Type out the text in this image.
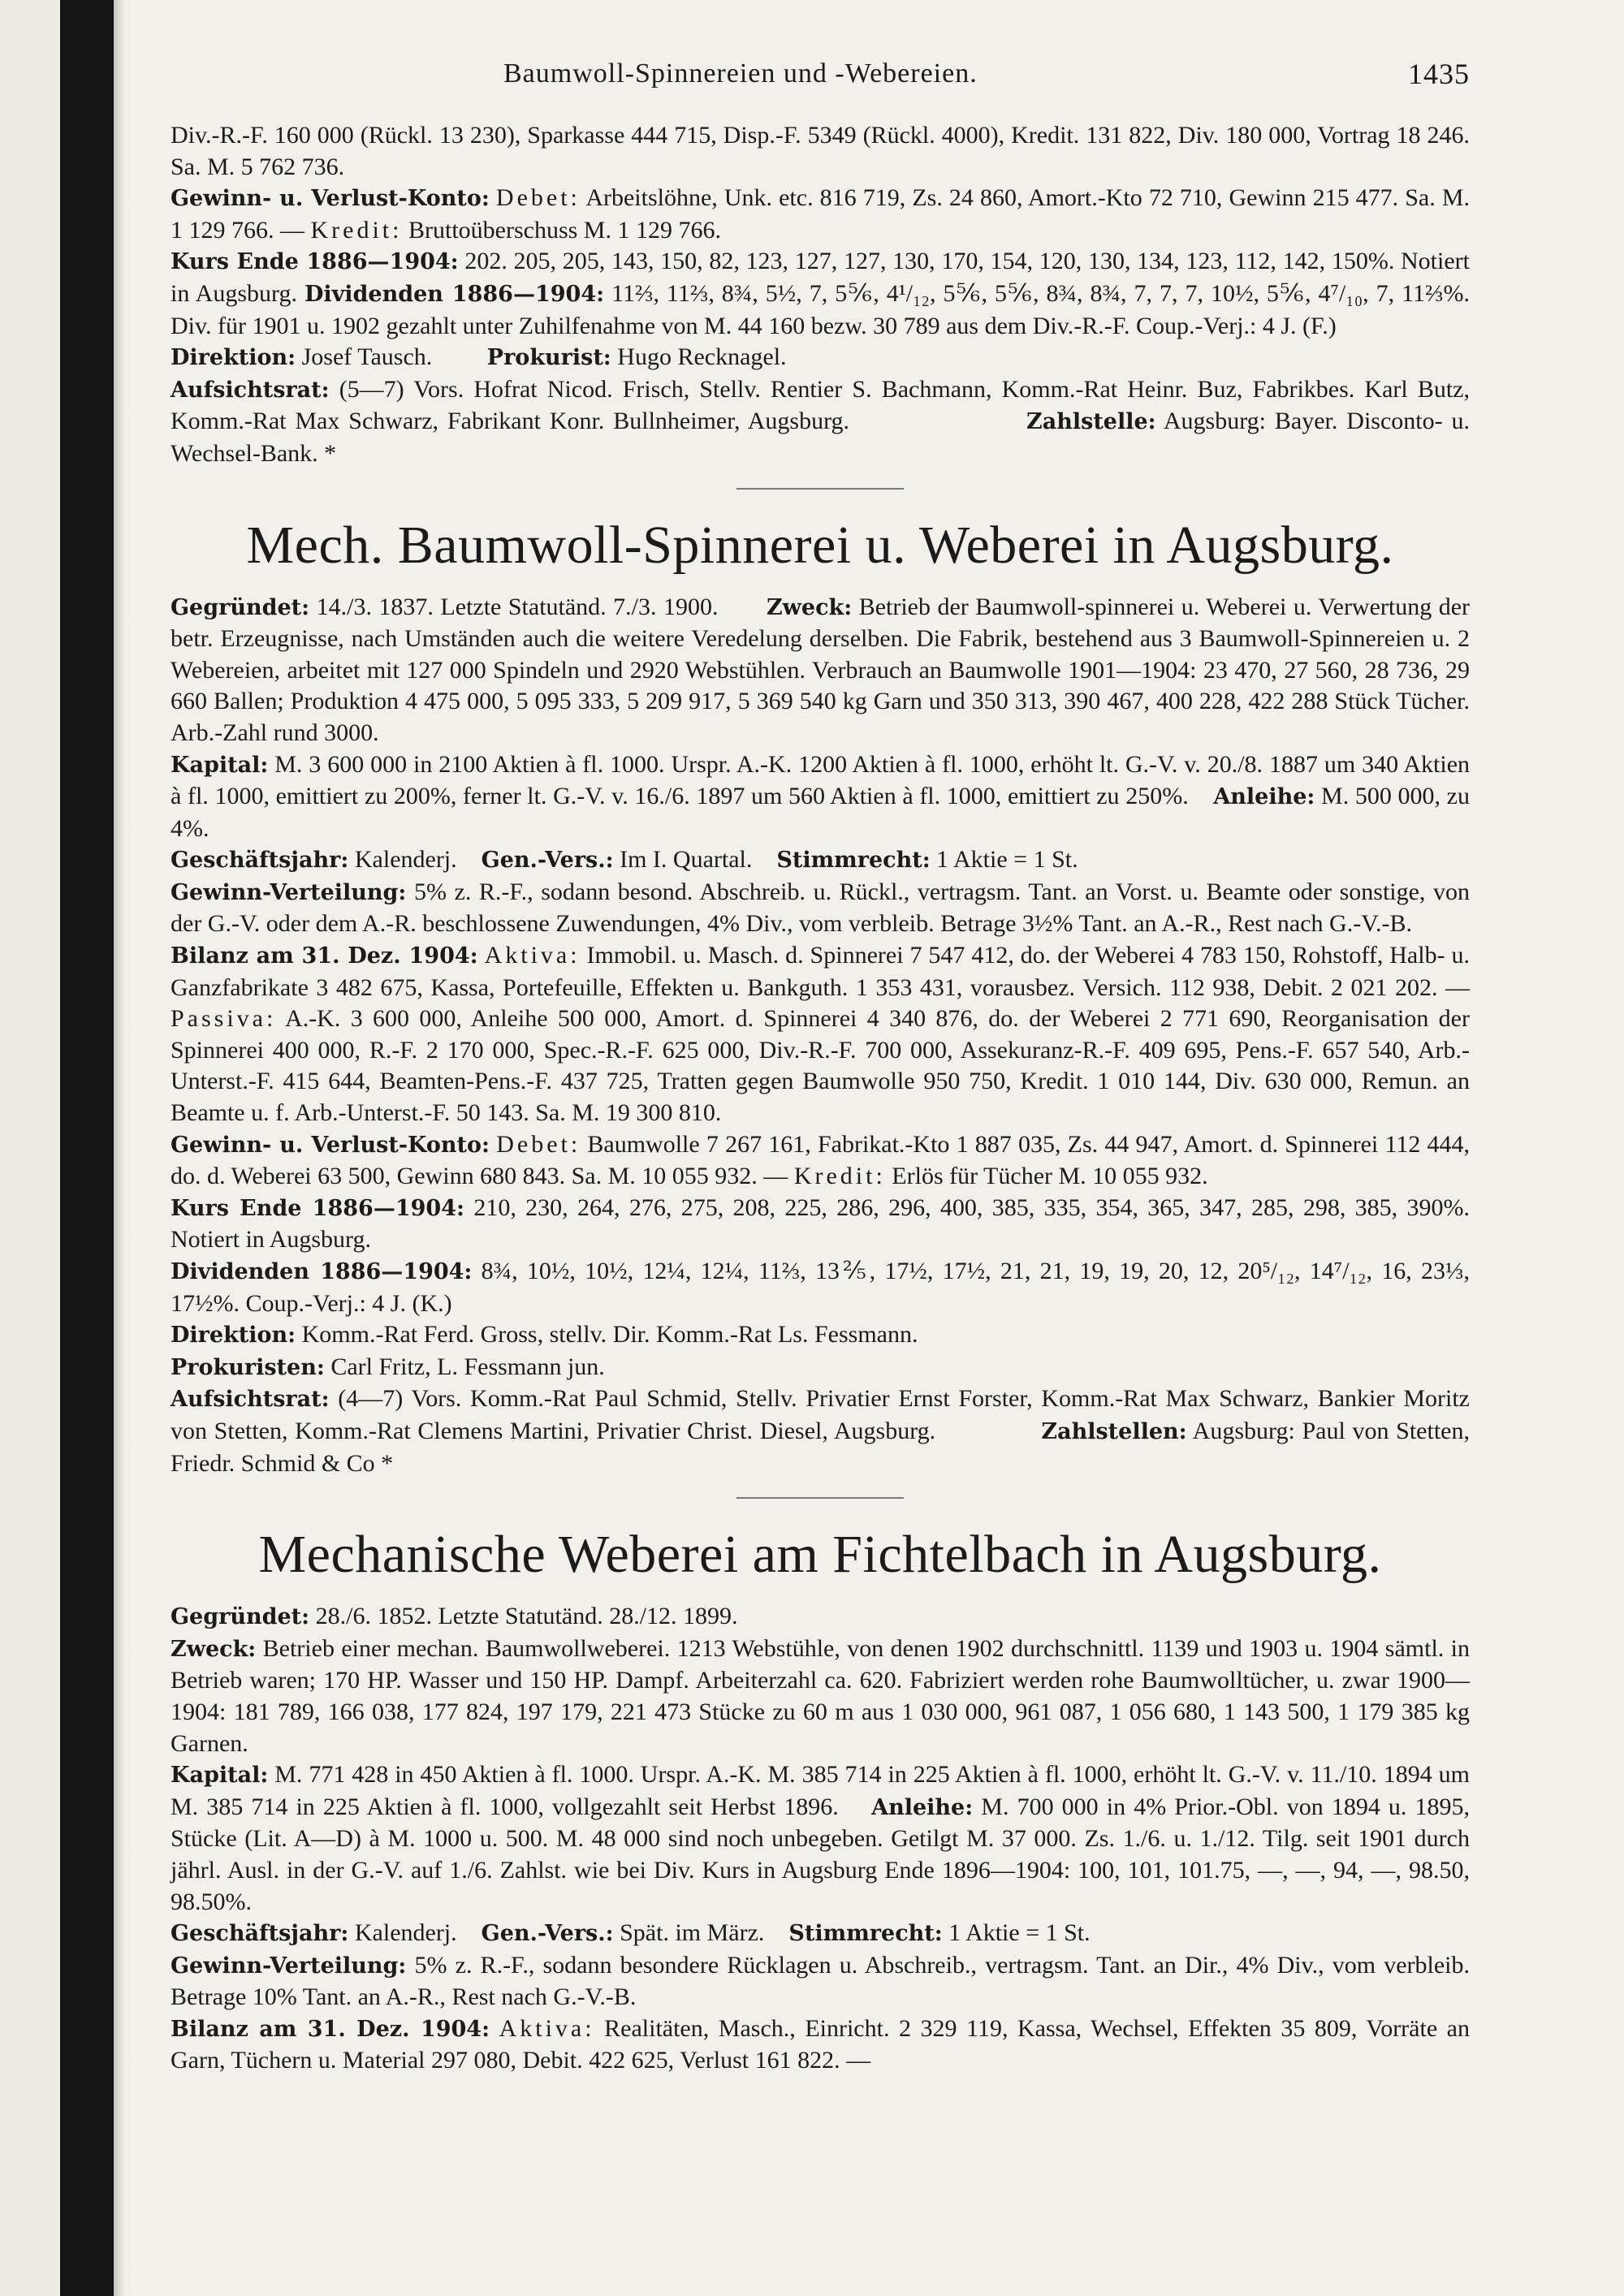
Baumwoll-Spinnereien und -Webereien.	1435

Div.-R.-F. 160 000 (Rückl. 13 230), Sparkasse 444 715, Disp.-F. 5349 (Rückl. 4000), Kredit. 131 822, Div. 180 000, Vortrag 18 246. Sa. M. 5 762 736.

Gewinn- u. Verlust-Konto: Debet: Arbeitslöhne, Unk. etc. 816 719, Zs. 24 860, Amort.-Kto 72 710, Gewinn 215 477. Sa. M. 1 129 766. — Kredit: Bruttoüberschuss M. 1 129 766.

Kurs Ende 1886—1904: 202. 205, 205, 143, 150, 82, 123, 127, 127, 130, 170, 154, 120, 130, 134, 123, 112, 142, 150%. Notiert in Augsburg. Dividenden 1886—1904: 11⅔, 11⅔, 8¾, 5½, 7, 5⅚, 4¹/₁₂, 5⅚, 5⅚, 8¾, 8¾, 7, 7, 7, 10½, 5⅚, 4⁷/₁₀, 7, 11⅔%. Div. für 1901 u. 1902 gezahlt unter Zuhilfenahme von M. 44 160 bezw. 30 789 aus dem Div.-R.-F. Coup.-Verj.: 4 J. (F.)

Direktion: Josef Tausch.	Prokurist: Hugo Recknagel.

Aufsichtsrat: (5—7) Vors. Hofrat Nicod. Frisch, Stellv. Rentier S. Bachmann, Komm.-Rat Heinr. Buz, Fabrikbes. Karl Butz, Komm.-Rat Max Schwarz, Fabrikant Konr. Bullnheimer, Augsburg.	Zahlstelle: Augsburg: Bayer. Disconto- u. Wechsel-Bank. *

Mech. Baumwoll-Spinnerei u. Weberei in Augsburg.

Gegründet: 14./3. 1837. Letzte Statutänd. 7./3. 1900. Zweck: Betrieb der Baumwoll-spinnerei u. Weberei u. Verwertung der betr. Erzeugnisse, nach Umständen auch die weitere Veredelung derselben. Die Fabrik, bestehend aus 3 Baumwoll-Spinnereien u. 2 Webereien, arbeitet mit 127 000 Spindeln und 2920 Webstühlen. Verbrauch an Baumwolle 1901—1904: 23 470, 27 560, 28 736, 29 660 Ballen; Produktion 4 475 000, 5 095 333, 5 209 917, 5 369 540 kg Garn und 350 313, 390 467, 400 228, 422 288 Stück Tücher. Arb.-Zahl rund 3000.

Kapital: M. 3 600 000 in 2100 Aktien à fl. 1000. Urspr. A.-K. 1200 Aktien à fl. 1000, erhöht lt. G.-V. v. 20./8. 1887 um 340 Aktien à fl. 1000, emittiert zu 200%, ferner lt. G.-V. v. 16./6. 1897 um 560 Aktien à fl. 1000, emittiert zu 250%. Anleihe: M. 500 000, zu 4%.

Geschäftsjahr: Kalenderj. Gen.-Vers.: Im I. Quartal. Stimmrecht: 1 Aktie = 1 St.

Gewinn-Verteilung: 5% z. R.-F., sodann besond. Abschreib. u. Rückl., vertragsm. Tant. an Vorst. u. Beamte oder sonstige, von der G.-V. oder dem A.-R. beschlossene Zuwendungen, 4% Div., vom verbleib. Betrage 3½% Tant. an A.-R., Rest nach G.-V.-B.

Bilanz am 31. Dez. 1904: Aktiva: Immobil. u. Masch. d. Spinnerei 7 547 412, do. der Weberei 4 783 150, Rohstoff, Halb- u. Ganzfabrikate 3 482 675, Kassa, Portefeuille, Effekten u. Bankguth. 1 353 431, vorausbez. Versich. 112 938, Debit. 2 021 202. — Passiva: A.-K. 3 600 000, Anleihe 500 000, Amort. d. Spinnerei 4 340 876, do. der Weberei 2 771 690, Reorganisation der Spinnerei 400 000, R.-F. 2 170 000, Spec.-R.-F. 625 000, Div.-R.-F. 700 000, Assekuranz-R.-F. 409 695, Pens.-F. 657 540, Arb.-Unterst.-F. 415 644, Beamten-Pens.-F. 437 725, Tratten gegen Baumwolle 950 750, Kredit. 1 010 144, Div. 630 000, Remun. an Beamte u. f. Arb.-Unterst.-F. 50 143. Sa. M. 19 300 810.

Gewinn- u. Verlust-Konto: Debet: Baumwolle 7 267 161, Fabrikat.-Kto 1 887 035, Zs. 44 947, Amort. d. Spinnerei 112 444, do. d. Weberei 63 500, Gewinn 680 843. Sa. M. 10 055 932. — Kredit: Erlös für Tücher M. 10 055 932.

Kurs Ende 1886—1904: 210, 230, 264, 276, 275, 208, 225, 286, 296, 400, 385, 335, 354, 365, 347, 285, 298, 385, 390%. Notiert in Augsburg.

Dividenden 1886—1904: 8¾, 10½, 10½, 12¼, 12¼, 11⅔, 13⅖, 17½, 17½, 21, 21, 19, 19, 20, 12, 20⁵/₁₂, 14⁷/₁₂, 16, 23⅓, 17½%. Coup.-Verj.: 4 J. (K.)

Direktion: Komm.-Rat Ferd. Gross, stellv. Dir. Komm.-Rat Ls. Fessmann.

Prokuristen: Carl Fritz, L. Fessmann jun.

Aufsichtsrat: (4—7) Vors. Komm.-Rat Paul Schmid, Stellv. Privatier Ernst Forster, Komm.-Rat Max Schwarz, Bankier Moritz von Stetten, Komm.-Rat Clemens Martini, Privatier Christ. Diesel, Augsburg.	Zahlstellen: Augsburg: Paul von Stetten, Friedr. Schmid & Co *

Mechanische Weberei am Fichtelbach in Augsburg.

Gegründet: 28./6. 1852. Letzte Statutänd. 28./12. 1899.

Zweck: Betrieb einer mechan. Baumwollweberei. 1213 Webstühle, von denen 1902 durchschnittl. 1139 und 1903 u. 1904 sämtl. in Betrieb waren; 170 HP. Wasser und 150 HP. Dampf. Arbeiterzahl ca. 620. Fabriziert werden rohe Baumwolltücher, u. zwar 1900—1904: 181 789, 166 038, 177 824, 197 179, 221 473 Stücke zu 60 m aus 1 030 000, 961 087, 1 056 680, 1 143 500, 1 179 385 kg Garnen.

Kapital: M. 771 428 in 450 Aktien à fl. 1000. Urspr. A.-K. M. 385 714 in 225 Aktien à fl. 1000, erhöht lt. G.-V. v. 11./10. 1894 um M. 385 714 in 225 Aktien à fl. 1000, vollgezahlt seit Herbst 1896. Anleihe: M. 700 000 in 4% Prior.-Obl. von 1894 u. 1895, Stücke (Lit. A—D) à M. 1000 u. 500. M. 48 000 sind noch unbegeben. Getilgt M. 37 000. Zs. 1./6. u. 1./12. Tilg. seit 1901 durch jährl. Ausl. in der G.-V. auf 1./6. Zahlst. wie bei Div. Kurs in Augsburg Ende 1896—1904: 100, 101, 101.75, —, —, 94, —, 98.50, 98.50%.

Geschäftsjahr: Kalenderj. Gen.-Vers.: Spät. im März. Stimmrecht: 1 Aktie = 1 St.

Gewinn-Verteilung: 5% z. R.-F., sodann besondere Rücklagen u. Abschreib., vertragsm. Tant. an Dir., 4% Div., vom verbleib. Betrage 10% Tant. an A.-R., Rest nach G.-V.-B.

Bilanz am 31. Dez. 1904: Aktiva: Realitäten, Masch., Einricht. 2 329 119, Kassa, Wechsel, Effekten 35 809, Vorräte an Garn, Tüchern u. Material 297 080, Debit. 422 625, Verlust 161 822. —
